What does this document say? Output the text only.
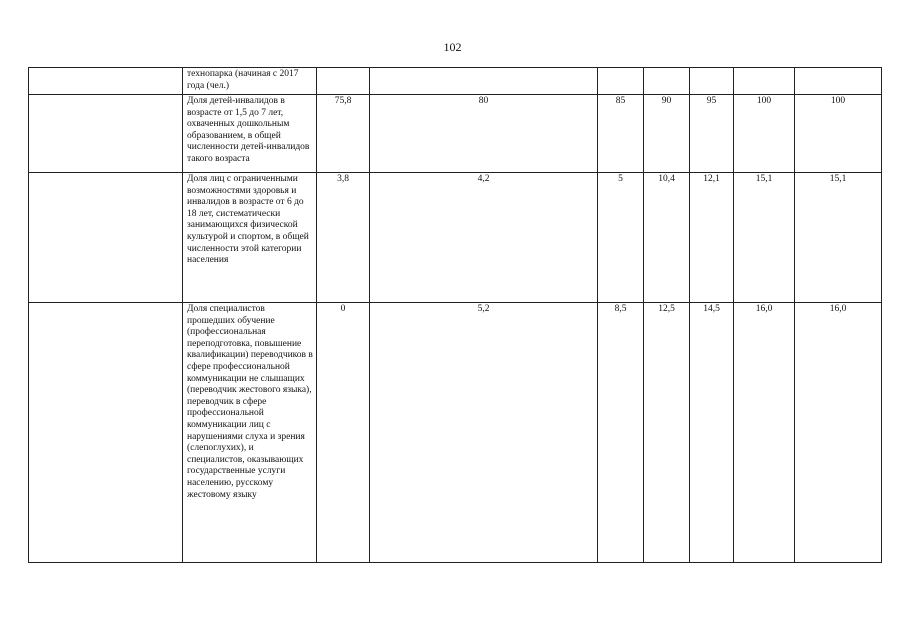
102
	технопарка (начиная с 2017 года (чел.)							
	Доля детей-инвалидов в возрасте от 1,5 до 7 лет, охваченных дошкольным образованием, в общей численности детей-инвалидов такого возраста	75,8	80	85	90	95	100	100
	Доля лиц с ограниченными возможностями здоровья и инвалидов в возрасте от 6 до 18 лет, систематически занимающихся физической культурой и спортом, в общей численности этой категории населения	3,8	4,2	5	10,4	12,1	15,1	15,1
	Доля специалистов прошедших обучение (профессиональная переподготовка, повышение квалификации) переводчиков в сфере профессиональной коммуникации не слышащих (переводчик жестового языка), переводчик в сфере профессиональной коммуникации лиц с нарушениями слуха и зрения (слепоглухих), и специалистов, оказывающих государственные услуги населению, русскому жестовому языку	0	5,2	8,5	12,5	14,5	16,0	16,0
